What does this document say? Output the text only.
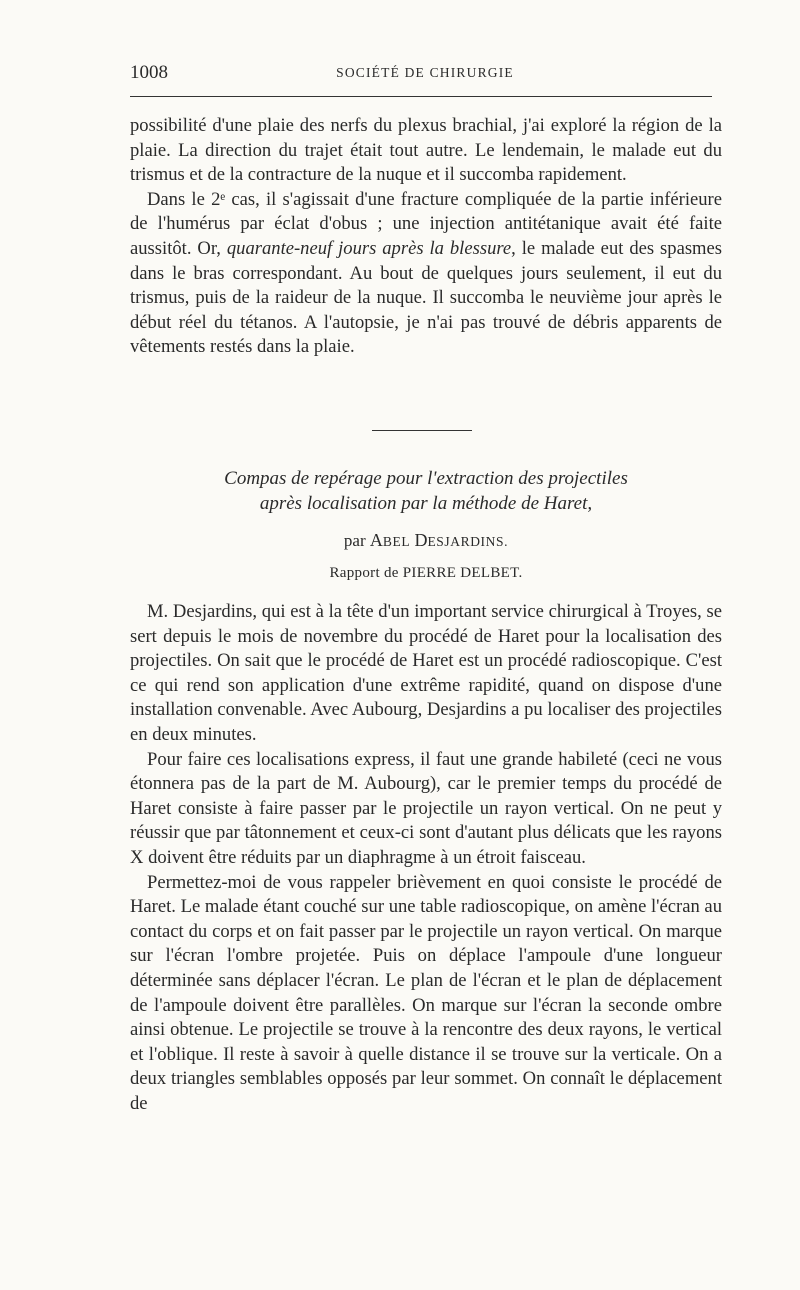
1008	SOCIÉTÉ DE CHIRURGIE

possibilité d'une plaie des nerfs du plexus brachial, j'ai exploré la région de la plaie. La direction du trajet était tout autre. Le lendemain, le malade eut du trismus et de la contracture de la nuque et il succomba rapidement.

Dans le 2ᵉ cas, il s'agissait d'une fracture compliquée de la partie inférieure de l'humérus par éclat d'obus ; une injection antitétanique avait été faite aussitôt. Or, quarante-neuf jours après la blessure, le malade eut des spasmes dans le bras correspondant. Au bout de quelques jours seulement, il eut du trismus, puis de la raideur de la nuque. Il succomba le neuvième jour après le début réel du tétanos. A l'autopsie, je n'ai pas trouvé de débris apparents de vêtements restés dans la plaie.

Compas de repérage pour l'extraction des projectiles
après localisation par la méthode de Haret,
par ABEL DESJARDINS.
Rapport de PIERRE DELBET.

M. Desjardins, qui est à la tête d'un important service chirurgical à Troyes, se sert depuis le mois de novembre du procédé de Haret pour la localisation des projectiles. On sait que le procédé de Haret est un procédé radioscopique. C'est ce qui rend son application d'une extrême rapidité, quand on dispose d'une installation convenable. Avec Aubourg, Desjardins a pu localiser des projectiles en deux minutes.

Pour faire ces localisations express, il faut une grande habileté (ceci ne vous étonnera pas de la part de M. Aubourg), car le premier temps du procédé de Haret consiste à faire passer par le projectile un rayon vertical. On ne peut y réussir que par tâtonnement et ceux-ci sont d'autant plus délicats que les rayons X doivent être réduits par un diaphragme à un étroit faisceau.

Permettez-moi de vous rappeler brièvement en quoi consiste le procédé de Haret. Le malade étant couché sur une table radioscopique, on amène l'écran au contact du corps et on fait passer par le projectile un rayon vertical. On marque sur l'écran l'ombre projetée. Puis on déplace l'ampoule d'une longueur déterminée sans déplacer l'écran. Le plan de l'écran et le plan de déplacement de l'ampoule doivent être parallèles. On marque sur l'écran la seconde ombre ainsi obtenue. Le projectile se trouve à la rencontre des deux rayons, le vertical et l'oblique. Il reste à savoir à quelle distance il se trouve sur la verticale. On a deux triangles semblables opposés par leur sommet. On connaît le déplacement de
